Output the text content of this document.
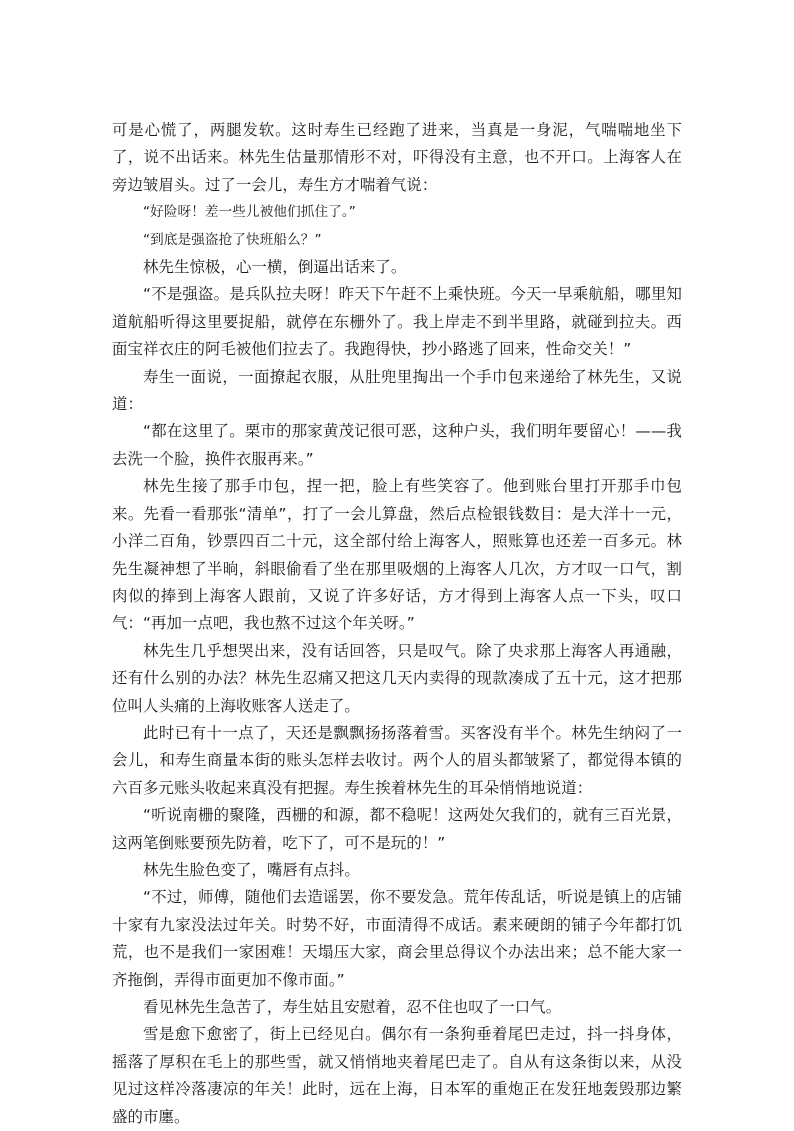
可是心慌了，两腿发软。这时寿生已经跑了进来，当真是一身泥，气喘喘地坐下了，说不出话来。林先生估量那情形不对，吓得没有主意，也不开口。上海客人在旁边皱眉头。过了一会儿，寿生方才喘着气说：

“好险呀！差一些儿被他们抓住了。”

“到底是强盗抢了快班船么？”

林先生惊极，心一横，倒逼出话来了。

“不是强盗。是兵队拉夫呀！昨天下午赶不上乘快班。今天一早乘航船，哪里知道航船听得这里要捉船，就停在东栅外了。我上岸走不到半里路，就碰到拉夫。西面宝祥衣庄的阿毛被他们拉去了。我跑得快，抄小路逃了回来，性命交关！”

寿生一面说，一面撩起衣服，从肚兜里掏出一个手巾包来递给了林先生，又说道：

“都在这里了。栗市的那家黄茂记很可恶，这种户头，我们明年要留心！——我去洗一个脸，换件衣服再来。”

林先生接了那手巾包，捏一把，脸上有些笑容了。他到账台里打开那手巾包来。先看一看那张“清单”，打了一会儿算盘，然后点检银钱数目：是大洋十一元，小洋二百角，钞票四百二十元，这全部付给上海客人，照账算也还差一百多元。林先生凝神想了半晌，斜眼偷看了坐在那里吸烟的上海客人几次，方才叹一口气，割肉似的捧到上海客人跟前，又说了许多好话，方才得到上海客人点一下头，叹口气：“再加一点吧，我也熬不过这个年关呀。”

林先生几乎想哭出来，没有话回答，只是叹气。除了央求那上海客人再通融，还有什么别的办法？林先生忍痛又把这几天内卖得的现款凑成了五十元，这才把那位叫人头痛的上海收账客人送走了。

此时已有十一点了，天还是飘飘扬扬落着雪。买客没有半个。林先生纳闷了一会儿，和寿生商量本街的账头怎样去收讨。两个人的眉头都皱紧了，都觉得本镇的六百多元账头收起来真没有把握。寿生挨着林先生的耳朵悄悄地说道：

“听说南栅的聚隆，西栅的和源，都不稳呢！这两处欠我们的，就有三百光景，这两笔倒账要预先防着，吃下了，可不是玩的！”

林先生脸色变了，嘴唇有点抖。

“不过，师傅，随他们去造谣罢，你不要发急。荒年传乱话，听说是镇上的店铺十家有九家没法过年关。时势不好，市面清得不成话。素来硬朗的铺子今年都打饥荒，也不是我们一家困难！天塌压大家，商会里总得议个办法出来；总不能大家一齐拖倒，弄得市面更加不像市面。”

看见林先生急苦了，寿生姑且安慰着，忍不住也叹了一口气。

雪是愈下愈密了，街上已经见白。偶尔有一条狗垂着尾巴走过，抖一抖身体，摇落了厚积在毛上的那些雪，就又悄悄地夹着尾巴走了。自从有这条街以来，从没见过这样冷落凄凉的年关！此时，远在上海，日本军的重炮正在发狂地轰毁那边繁盛的市廛。
